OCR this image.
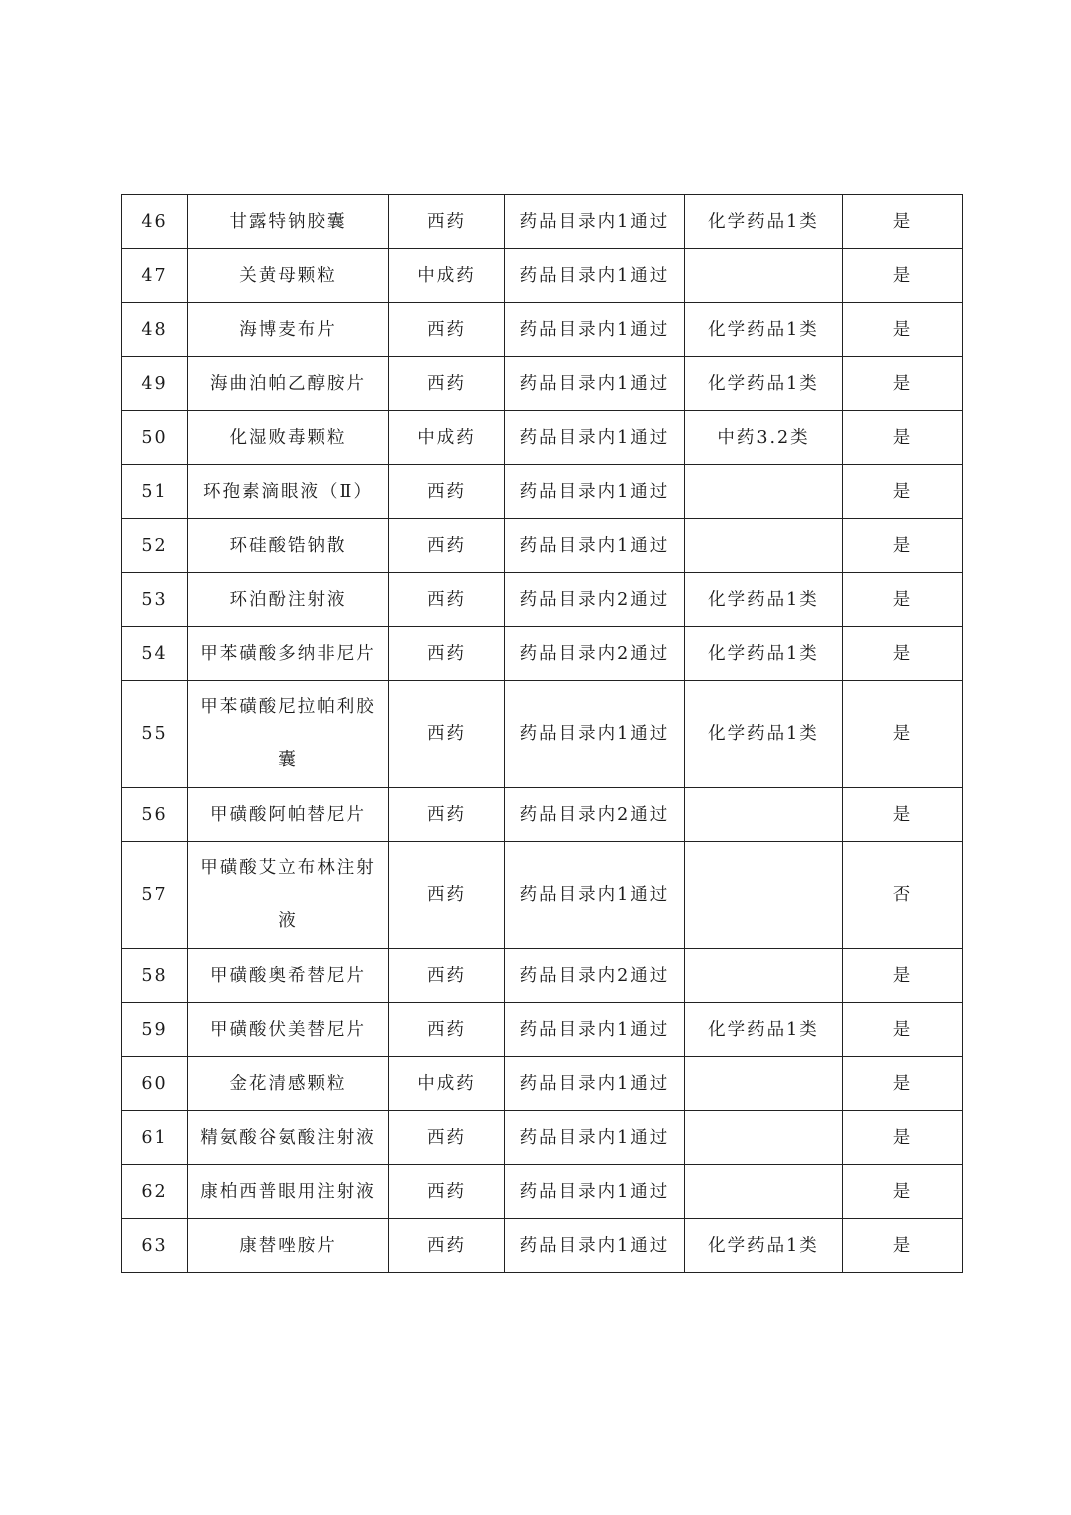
46	甘露特钠胶囊	西药	药品目录内1通过	化学药品1类	是
47	关黄母颗粒	中成药	药品目录内1通过		是
48	海博麦布片	西药	药品目录内1通过	化学药品1类	是
49	海曲泊帕乙醇胺片	西药	药品目录内1通过	化学药品1类	是
50	化湿败毒颗粒	中成药	药品目录内1通过	中药3.2类	是
51	环孢素滴眼液（Ⅱ）	西药	药品目录内1通过		是
52	环硅酸锆钠散	西药	药品目录内1通过		是
53	环泊酚注射液	西药	药品目录内2通过	化学药品1类	是
54	甲苯磺酸多纳非尼片	西药	药品目录内2通过	化学药品1类	是
55	甲苯磺酸尼拉帕利胶囊	西药	药品目录内1通过	化学药品1类	是
56	甲磺酸阿帕替尼片	西药	药品目录内2通过		是
57	甲磺酸艾立布林注射液	西药	药品目录内1通过		否
58	甲磺酸奥希替尼片	西药	药品目录内2通过		是
59	甲磺酸伏美替尼片	西药	药品目录内1通过	化学药品1类	是
60	金花清感颗粒	中成药	药品目录内1通过		是
61	精氨酸谷氨酸注射液	西药	药品目录内1通过		是
62	康柏西普眼用注射液	西药	药品目录内1通过		是
63	康替唑胺片	西药	药品目录内1通过	化学药品1类	是
